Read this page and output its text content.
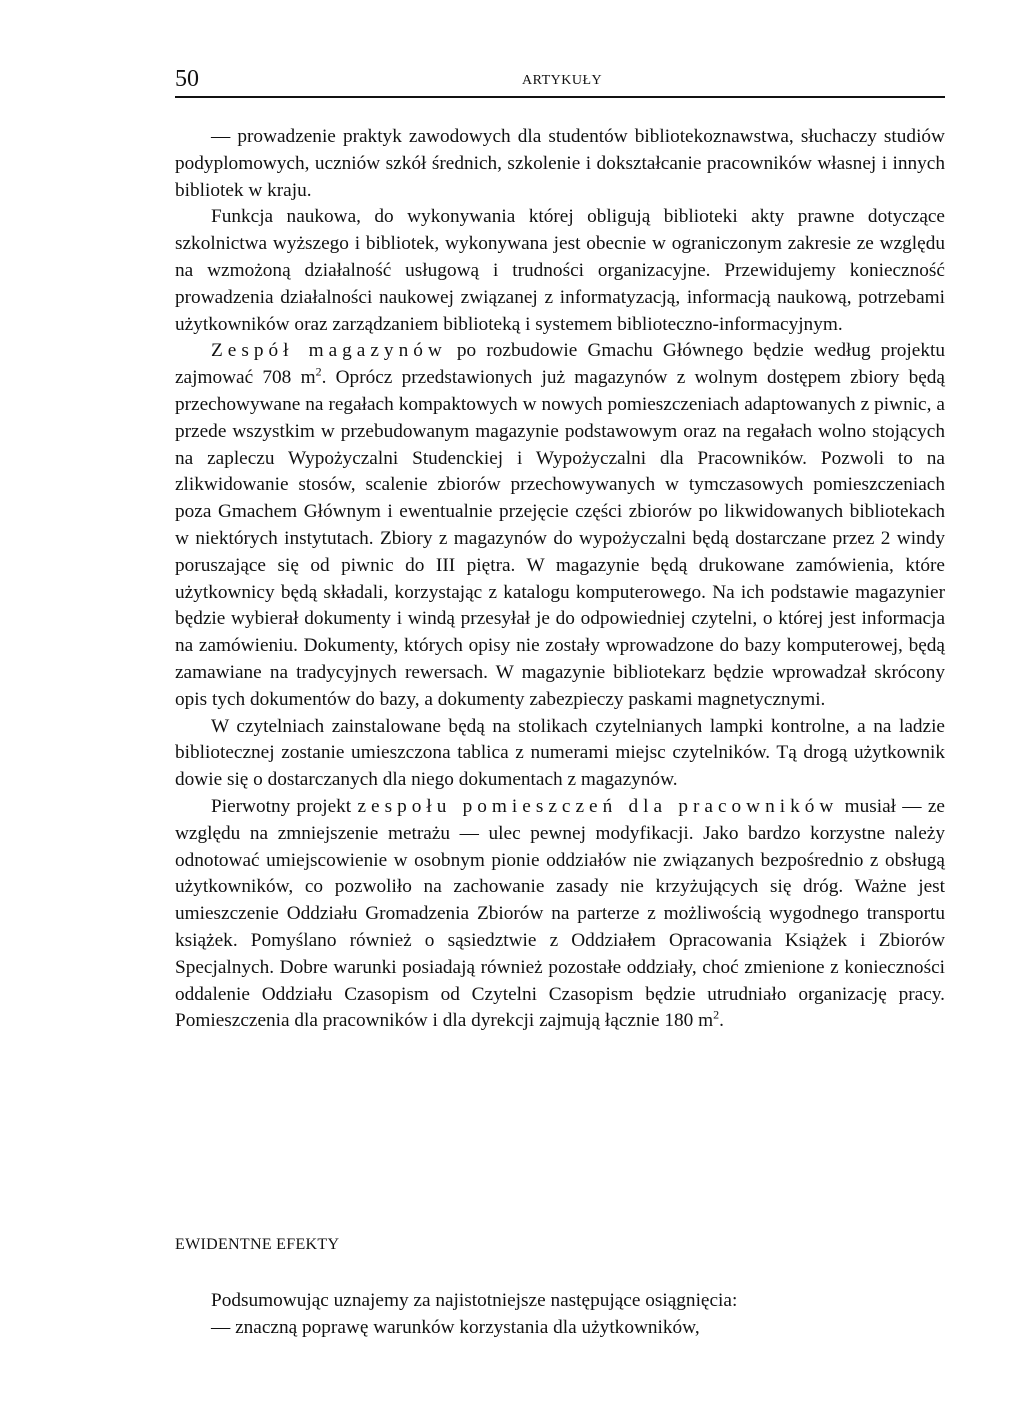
50	ARTYKUŁY

— prowadzenie praktyk zawodowych dla studentów bibliotekoznawstwa, słuchaczy studiów podyplomowych, uczniów szkół średnich, szkolenie i dokształcanie pracowników własnej i innych bibliotek w kraju.

Funkcja naukowa, do wykonywania której obligują biblioteki akty prawne dotyczące szkolnictwa wyższego i bibliotek, wykonywana jest obecnie w ograniczonym zakresie ze względu na wzmożoną działalność usługową i trudności organizacyjne. Przewidujemy konieczność prowadzenia działalności naukowej związanej z informatyzacją, informacją naukową, potrzebami użytkowników oraz zarządzaniem biblioteką i systemem biblioteczno-informacyjnym.

Zespół magazynów po rozbudowie Gmachu Głównego będzie według projektu zajmować 708 $m^2$. Oprócz przedstawionych już magazynów z wolnym dostępem zbiory będą przechowywane na regałach kompaktowych w nowych pomieszczeniach adaptowanych z piwnic, a przede wszystkim w przebudowanym magazynie podstawowym oraz na regałach wolno stojących na zapleczu Wypożyczalni Studenckiej i Wypożyczalni dla Pracowników. Pozwoli to na zlikwidowanie stosów, scalenie zbiorów przechowywanych w tymczasowych pomieszczeniach poza Gmachem Głównym i ewentualnie przejęcie części zbiorów po likwidowanych bibliotekach w niektórych instytutach. Zbiory z magazynów do wypożyczalni będą dostarczane przez 2 windy poruszające się od piwnic do III piętra. W magazynie będą drukowane zamówienia, które użytkownicy będą składali, korzystając z katalogu komputerowego. Na ich podstawie magazynier będzie wybierał dokumenty i windą przesyłał je do odpowiedniej czytelni, o której jest informacja na zamówieniu. Dokumenty, których opisy nie zostały wprowadzone do bazy komputerowej, będą zamawiane na tradycyjnych rewersach. W magazynie bibliotekarz będzie wprowadzał skrócony opis tych dokumentów do bazy, a dokumenty zabezpieczy paskami magnetycznymi.

W czytelniach zainstalowane będą na stolikach czytelnianych lampki kontrolne, a na ladzie bibliotecznej zostanie umieszczona tablica z numerami miejsc czytelników. Tą drogą użytkownik dowie się o dostarczanych dla niego dokumentach z magazynów.

Pierwotny projekt zespołu pomieszczeń dla pracowników musiał — ze względu na zmniejszenie metrażu — ulec pewnej modyfikacji. Jako bardzo korzystne należy odnotować umiejscowienie w osobnym pionie oddziałów nie związanych bezpośrednio z obsługą użytkowników, co pozwoliło na zachowanie zasady nie krzyżujących się dróg. Ważne jest umieszczenie Oddziału Gromadzenia Zbiorów na parterze z możliwością wygodnego transportu książek. Pomyślano również o sąsiedztwie z Oddziałem Opracowania Książek i Zbiorów Specjalnych. Dobre warunki posiadają również pozostałe oddziały, choć zmienione z konieczności oddalenie Oddziału Czasopism od Czytelni Czasopism będzie utrudniało organizację pracy. Pomieszczenia dla pracowników i dla dyrekcji zajmują łącznie 180 $m^2$.

EWIDENTNE EFEKTY

Podsumowując uznajemy za najistotniejsze następujące osiągnięcia:

— znaczną poprawę warunków korzystania dla użytkowników,
